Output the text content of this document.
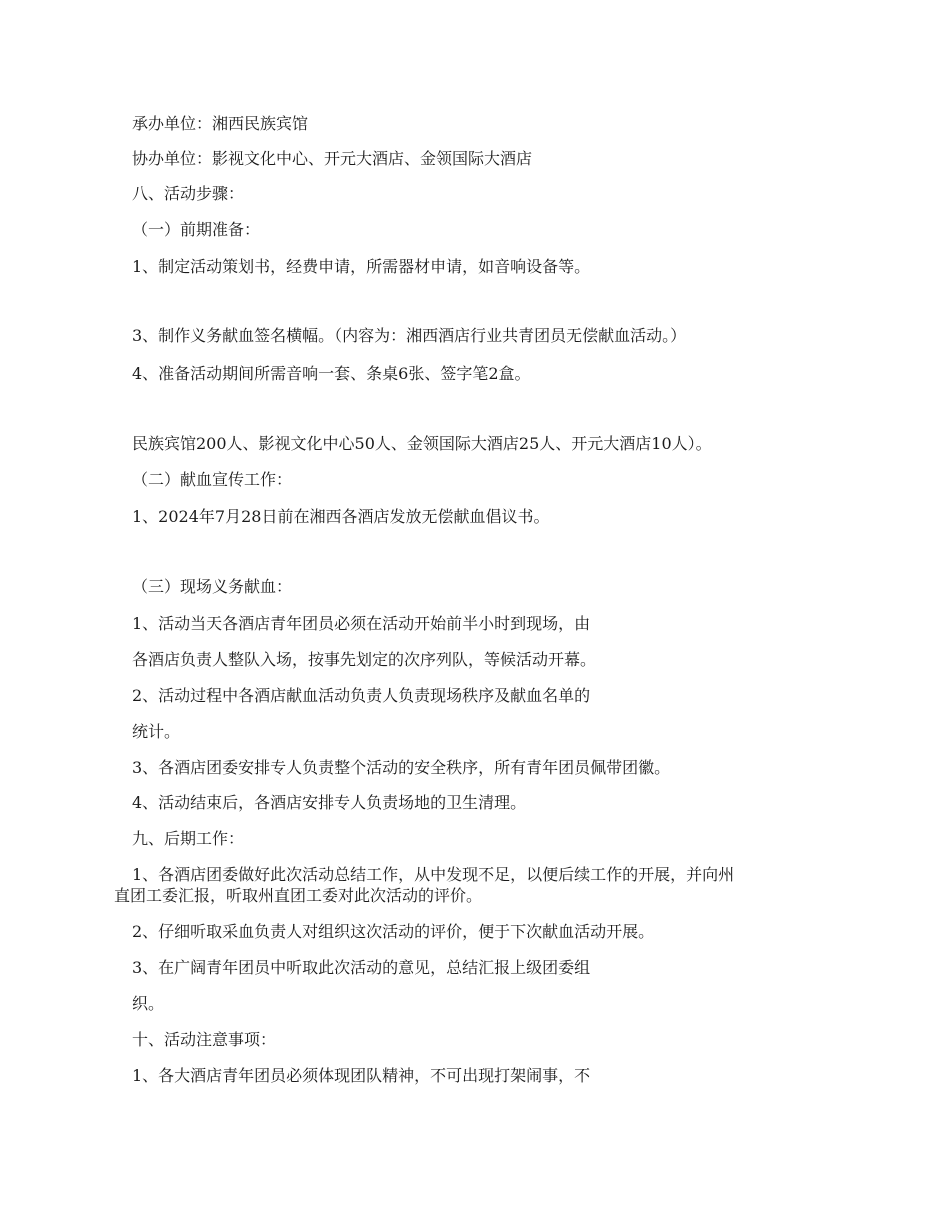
承办单位：湘西民族宾馆

协办单位：影视文化中心、开元大酒店、金领国际大酒店

八、活动步骤：

（一）前期准备：

1、制定活动策划书，经费申请，所需器材申请，如音响设备等。

3、制作义务献血签名横幅。（内容为：湘西酒店行业共青团员无偿献血活动。）

4、准备活动期间所需音响一套、条桌6张、签字笔2盒。

民族宾馆200人、影视文化中心50人、金领国际大酒店25人、开元大酒店10人）。

（二）献血宣传工作：

1、2024年7月28日前在湘西各酒店发放无偿献血倡议书。

（三）现场义务献血：

1、活动当天各酒店青年团员必须在活动开始前半小时到现场，由

各酒店负责人整队入场，按事先划定的次序列队，等候活动开幕。

2、活动过程中各酒店献血活动负责人负责现场秩序及献血名单的

统计。

3、各酒店团委安排专人负责整个活动的安全秩序，所有青年团员佩带团徽。

4、活动结束后，各酒店安排专人负责场地的卫生清理。

九、后期工作：

1、各酒店团委做好此次活动总结工作，从中发现不足，以便后续工作的开展，并向州

直团工委汇报，听取州直团工委对此次活动的评价。

2、仔细听取采血负责人对组织这次活动的评价，便于下次献血活动开展。

3、在广阔青年团员中听取此次活动的意见，总结汇报上级团委组

织。

十、活动注意事项：

1、各大酒店青年团员必须体现团队精神，不可出现打架闹事，不
